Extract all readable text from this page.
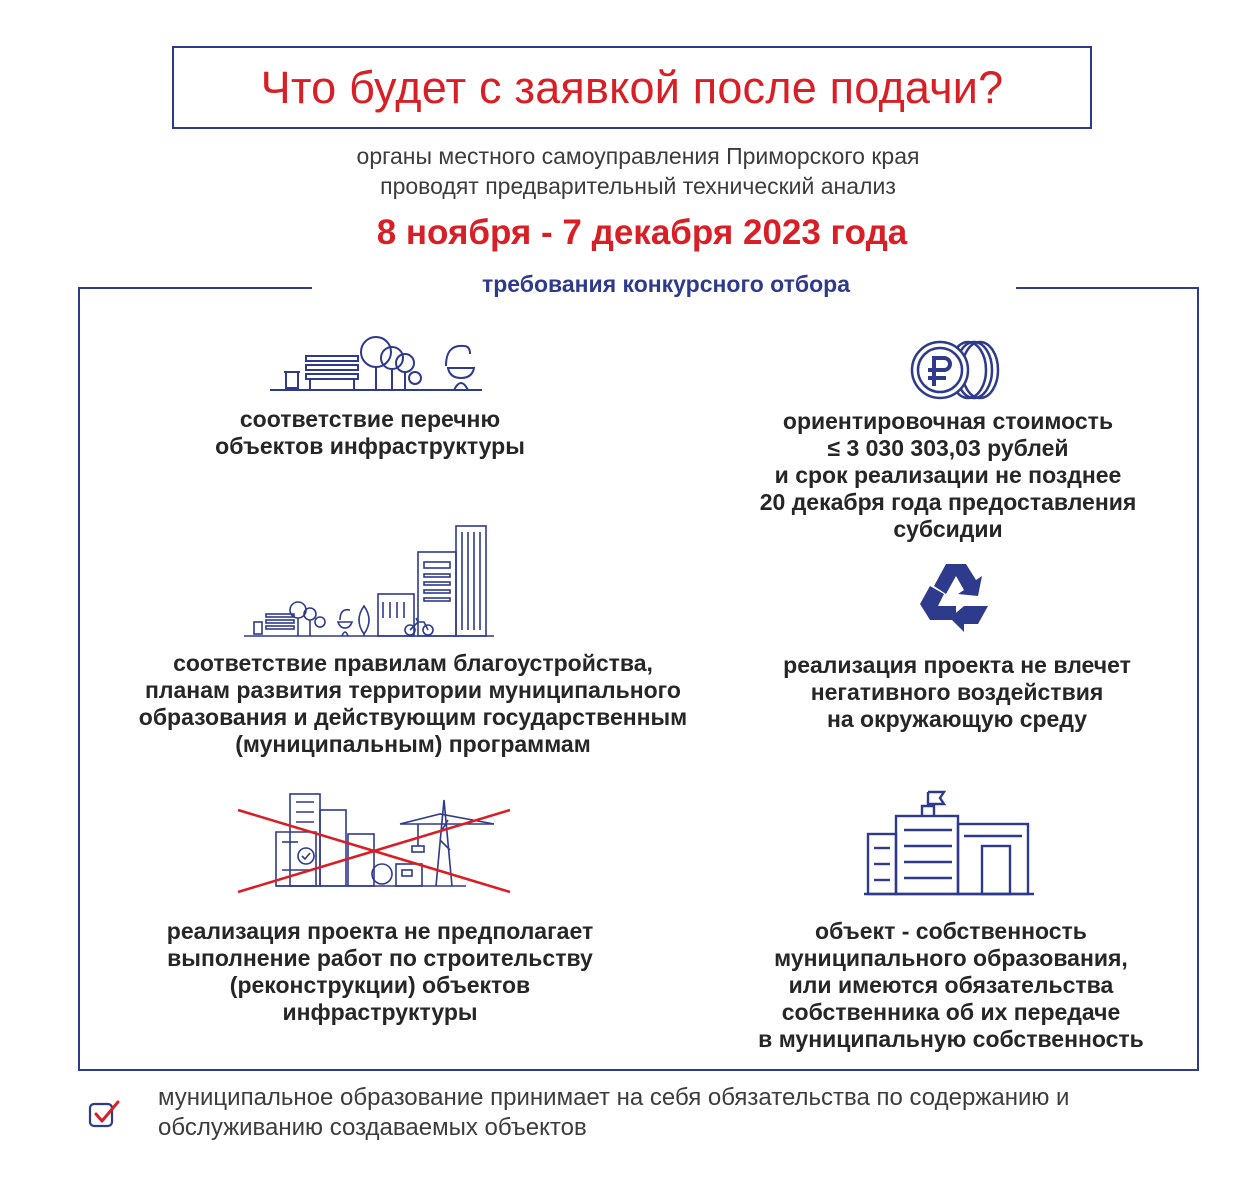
Что будет с заявкой после подачи?
органы местного самоуправления Приморского края
проводят предварительный технический анализ
8 ноября - 7 декабря 2023 года
требования конкурсного отбора
соответствие перечню
объектов инфраструктуры
ориентировочная стоимость
≤ 3 030 303,03 рублей
и срок реализации не позднее
20 декабря года предоставления
субсидии
соответствие правилам благоустройства,
планам развития территории муниципального
образования и действующим государственным
(муниципальным) программам
реализация проекта не влечет
негативного воздействия
на окружающую среду
реализация проекта не предполагает
выполнение работ по строительству
(реконструкции) объектов
инфраструктуры
объект - собственность
муниципального образования,
или имеются обязательства
собственника об их передаче
в муниципальную собственность
муниципальное образование принимает на себя обязательства по содержанию и
обслуживанию создаваемых объектов
